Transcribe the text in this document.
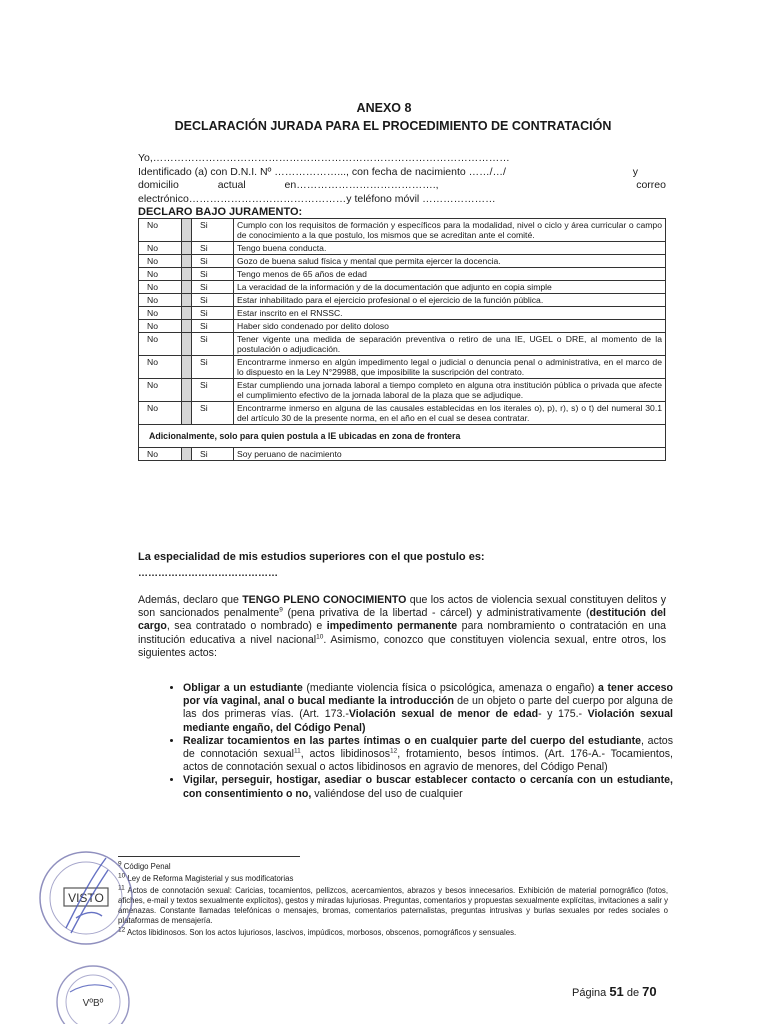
ANEXO 8
DECLARACIÓN JURADA PARA EL PROCEDIMIENTO DE CONTRATACIÓN
Yo,…………………………………………………………………………………………
Identificado (a) con D.N.I. Nº ………………..., con fecha de nacimiento ……/…/	y
domicilio	actual	en………………………………….,	correo
electrónico………………………………………y teléfono móvil …………………
DECLARO BAJO JURAMENTO:
No		Si	Cumplo con los requisitos de formación y específicos para la modalidad, nivel o ciclo y área curricular o campo de conocimiento a la que postulo, los mismos que se acreditan ante el comité.
No		Si	Tengo buena conducta.
No		Si	Gozo de buena salud física y mental que permita ejercer la docencia.
No		Si	Tengo menos de 65 años de edad
No		Si	La veracidad de la información y de la documentación que adjunto en copia simple
No		Si	Estar inhabilitado para el ejercicio profesional o el ejercicio de la función pública.
No		Si	Estar inscrito en el RNSSC.
No		Si	Haber sido condenado por delito doloso
No		Si	Tener vigente una medida de separación preventiva o retiro de una IE, UGEL o DRE, al momento de la postulación o adjudicación.
No		Si	Encontrarme inmerso en algún impedimento legal o judicial o denuncia penal o administrativa, en el marco de lo dispuesto en la Ley N°29988, que imposibilite la suscripción del contrato.
No		Si	Estar cumpliendo una jornada laboral a tiempo completo en alguna otra institución pública o privada que afecte el cumplimiento efectivo de la jornada laboral de la plaza que se adjudique.
No		Si	Encontrarme inmerso en alguna de las causales establecidas en los iterales o), p), r), s) o t) del numeral 30.1 del artículo 30 de la presente norma, en el año en el cual se desea contratar.
Adicionalmente, solo para quien postula a IE ubicadas en zona de frontera			
No		Si	Soy peruano de nacimiento
La especialidad de mis estudios superiores con el que postulo es:
……………………………………
Además, declaro que TENGO PLENO CONOCIMIENTO que los actos de violencia sexual constituyen delitos y son sancionados penalmente$^9$ (pena privativa de la libertad - cárcel) y administrativamente (destitución del cargo, sea contratado o nombrado) e impedimento permanente para nombramiento o contratación en una institución educativa a nivel nacional$^{10}$. Asimismo, conozco que constituyen violencia sexual, entre otros, los siguientes actos:
• Obligar a un estudiante (mediante violencia física o psicológica, amenaza o engaño) a tener acceso por vía vaginal, anal o bucal mediante la introducción de un objeto o parte del cuerpo por alguna de las dos primeras vías. (Art. 173.-Violación sexual de menor de edad- y 175.- Violación sexual mediante engaño, del Código Penal)
• Realizar tocamientos en las partes íntimas o en cualquier parte del cuerpo del estudiante, actos de connotación sexual$^{11}$, actos libidinosos$^{12}$, frotamiento, besos íntimos. (Art. 176-A.- Tocamientos, actos de connotación sexual o actos libidinosos en agravio de menores, del Código Penal)
• Vigilar, perseguir, hostigar, asediar o buscar establecer contacto o cercanía con un estudiante, con consentimiento o no, valiéndose del uso de cualquier
$^9$ Código Penal
$^{10}$ Ley de Reforma Magisterial y sus modificatorias
$^{11}$ Actos de connotación sexual: Caricias, tocamientos, pellizcos, acercamientos, abrazos y besos innecesarios. Exhibición de material pornográfico (fotos, afiches, e-mail y textos sexualmente explícitos), gestos y miradas lujuriosas. Preguntas, comentarios y propuestas sexualmente explícitas, invitaciones a salir y amenazas. Constante llamadas telefónicas o mensajes, bromas, comentarios paternalistas, preguntas intrusivas y burlas sexuales por redes sociales o plataformas de mensajería.
$^{12}$ Actos libidinosos. Son los actos lujuriosos, lascivos, impúdicos, morbosos, obscenos, pornográficos y sensuales.
Página 51 de 70
VISTO
VºBº
